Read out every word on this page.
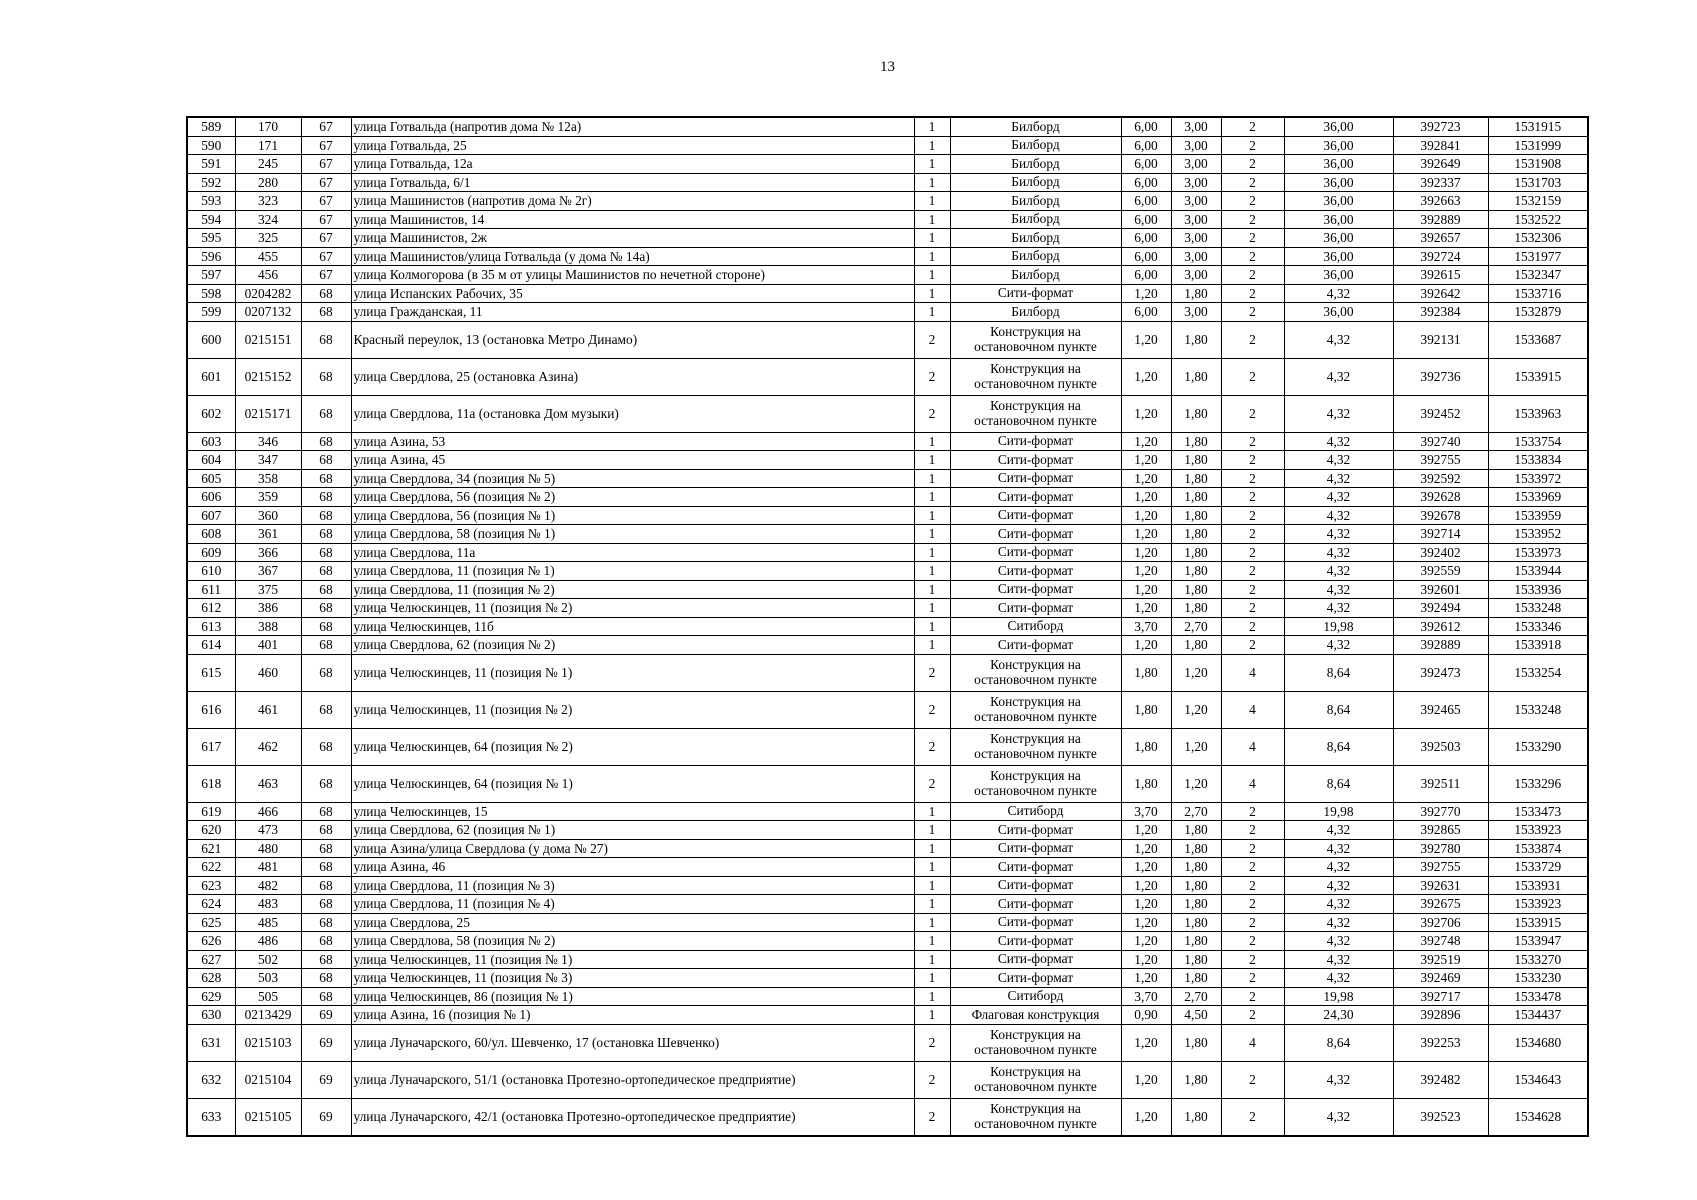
13
589	170	67	улица Готвальда (напротив дома № 12а)	1	Билборд	6,00	3,00	2	36,00	392723	1531915
590	171	67	улица Готвальда, 25	1	Билборд	6,00	3,00	2	36,00	392841	1531999
591	245	67	улица Готвальда, 12а	1	Билборд	6,00	3,00	2	36,00	392649	1531908
592	280	67	улица Готвальда, 6/1	1	Билборд	6,00	3,00	2	36,00	392337	1531703
593	323	67	улица Машинистов (напротив дома № 2г)	1	Билборд	6,00	3,00	2	36,00	392663	1532159
594	324	67	улица Машинистов, 14	1	Билборд	6,00	3,00	2	36,00	392889	1532522
595	325	67	улица Машинистов, 2ж	1	Билборд	6,00	3,00	2	36,00	392657	1532306
596	455	67	улица Машинистов/улица Готвальда (у дома № 14а)	1	Билборд	6,00	3,00	2	36,00	392724	1531977
597	456	67	улица Колмогорова (в 35 м от улицы Машинистов по нечетной стороне)	1	Билборд	6,00	3,00	2	36,00	392615	1532347
598	0204282	68	улица Испанских Рабочих, 35	1	Сити-формат	1,20	1,80	2	4,32	392642	1533716
599	0207132	68	улица Гражданская, 11	1	Билборд	6,00	3,00	2	36,00	392384	1532879
600	0215151	68	Красный переулок, 13 (остановка Метро Динамо)	2	Конструкция на остановочном пункте	1,20	1,80	2	4,32	392131	1533687
601	0215152	68	улица Свердлова, 25 (остановка Азина)	2	Конструкция на остановочном пункте	1,20	1,80	2	4,32	392736	1533915
602	0215171	68	улица Свердлова, 11а (остановка Дом музыки)	2	Конструкция на остановочном пункте	1,20	1,80	2	4,32	392452	1533963
603	346	68	улица Азина, 53	1	Сити-формат	1,20	1,80	2	4,32	392740	1533754
604	347	68	улица Азина, 45	1	Сити-формат	1,20	1,80	2	4,32	392755	1533834
605	358	68	улица Свердлова, 34 (позиция № 5)	1	Сити-формат	1,20	1,80	2	4,32	392592	1533972
606	359	68	улица Свердлова, 56 (позиция № 2)	1	Сити-формат	1,20	1,80	2	4,32	392628	1533969
607	360	68	улица Свердлова, 56 (позиция № 1)	1	Сити-формат	1,20	1,80	2	4,32	392678	1533959
608	361	68	улица Свердлова, 58 (позиция № 1)	1	Сити-формат	1,20	1,80	2	4,32	392714	1533952
609	366	68	улица Свердлова, 11а	1	Сити-формат	1,20	1,80	2	4,32	392402	1533973
610	367	68	улица Свердлова, 11 (позиция № 1)	1	Сити-формат	1,20	1,80	2	4,32	392559	1533944
611	375	68	улица Свердлова, 11 (позиция № 2)	1	Сити-формат	1,20	1,80	2	4,32	392601	1533936
612	386	68	улица Челюскинцев, 11 (позиция № 2)	1	Сити-формат	1,20	1,80	2	4,32	392494	1533248
613	388	68	улица Челюскинцев, 11б	1	Ситиборд	3,70	2,70	2	19,98	392612	1533346
614	401	68	улица Свердлова, 62 (позиция № 2)	1	Сити-формат	1,20	1,80	2	4,32	392889	1533918
615	460	68	улица Челюскинцев, 11 (позиция № 1)	2	Конструкция на остановочном пункте	1,80	1,20	4	8,64	392473	1533254
616	461	68	улица Челюскинцев, 11 (позиция № 2)	2	Конструкция на остановочном пункте	1,80	1,20	4	8,64	392465	1533248
617	462	68	улица Челюскинцев, 64 (позиция № 2)	2	Конструкция на остановочном пункте	1,80	1,20	4	8,64	392503	1533290
618	463	68	улица Челюскинцев, 64 (позиция № 1)	2	Конструкция на остановочном пункте	1,80	1,20	4	8,64	392511	1533296
619	466	68	улица Челюскинцев, 15	1	Ситиборд	3,70	2,70	2	19,98	392770	1533473
620	473	68	улица Свердлова, 62 (позиция № 1)	1	Сити-формат	1,20	1,80	2	4,32	392865	1533923
621	480	68	улица Азина/улица Свердлова (у дома № 27)	1	Сити-формат	1,20	1,80	2	4,32	392780	1533874
622	481	68	улица Азина, 46	1	Сити-формат	1,20	1,80	2	4,32	392755	1533729
623	482	68	улица Свердлова, 11 (позиция № 3)	1	Сити-формат	1,20	1,80	2	4,32	392631	1533931
624	483	68	улица Свердлова, 11 (позиция № 4)	1	Сити-формат	1,20	1,80	2	4,32	392675	1533923
625	485	68	улица Свердлова, 25	1	Сити-формат	1,20	1,80	2	4,32	392706	1533915
626	486	68	улица Свердлова, 58 (позиция № 2)	1	Сити-формат	1,20	1,80	2	4,32	392748	1533947
627	502	68	улица Челюскинцев, 11 (позиция № 1)	1	Сити-формат	1,20	1,80	2	4,32	392519	1533270
628	503	68	улица Челюскинцев, 11 (позиция № 3)	1	Сити-формат	1,20	1,80	2	4,32	392469	1533230
629	505	68	улица Челюскинцев, 86 (позиция № 1)	1	Ситиборд	3,70	2,70	2	19,98	392717	1533478
630	0213429	69	улица Азина, 16 (позиция № 1)	1	Флаговая конструкция	0,90	4,50	2	24,30	392896	1534437
631	0215103	69	улица Луначарского, 60/ул. Шевченко, 17 (остановка Шевченко)	2	Конструкция на остановочном пункте	1,20	1,80	4	8,64	392253	1534680
632	0215104	69	улица Луначарского, 51/1 (остановка Протезно-ортопедическое предприятие)	2	Конструкция на остановочном пункте	1,20	1,80	2	4,32	392482	1534643
633	0215105	69	улица Луначарского, 42/1 (остановка Протезно-ортопедическое предприятие)	2	Конструкция на остановочном пункте	1,20	1,80	2	4,32	392523	1534628
